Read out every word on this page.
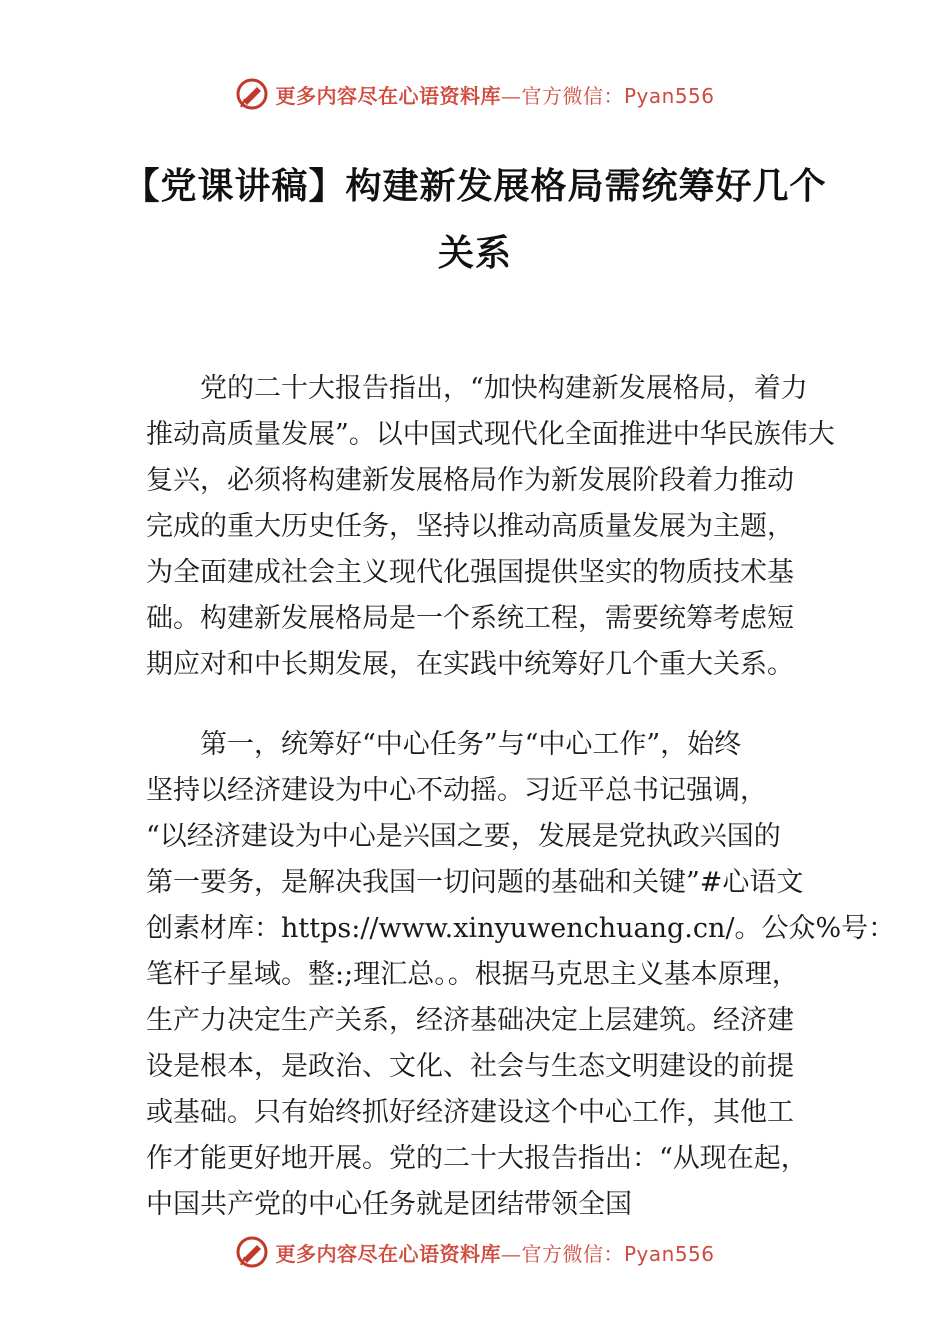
更多内容尽在心语资料库—官方微信：Pyan556
【党课讲稿】构建新发展格局需统筹好几个
关系
党的二十大报告指出，“加快构建新发展格局，着力
推动高质量发展”。以中国式现代化全面推进中华民族伟大
复兴，必须将构建新发展格局作为新发展阶段着力推动
完成的重大历史任务，坚持以推动高质量发展为主题，
为全面建成社会主义现代化强国提供坚实的物质技术基
础。构建新发展格局是一个系统工程，需要统筹考虑短
期应对和中长期发展，在实践中统筹好几个重大关系。
第一，统筹好“中心任务”与“中心工作”，始终
坚持以经济建设为中心不动摇。习近平总书记强调，
“以经济建设为中心是兴国之要，发展是党执政兴国的
第一要务，是解决我国一切问题的基础和关键”#心语文
创素材库：https://www.xinyuwenchuang.cn/。公众%号：
笔杆子星域。整:;理汇总。。根据马克思主义基本原理，
生产力决定生产关系，经济基础决定上层建筑。经济建
设是根本，是政治、文化、社会与生态文明建设的前提
或基础。只有始终抓好经济建设这个中心工作，其他工
作才能更好地开展。党的二十大报告指出：“从现在起，
中国共产党的中心任务就是团结带领全国
更多内容尽在心语资料库—官方微信：Pyan556
